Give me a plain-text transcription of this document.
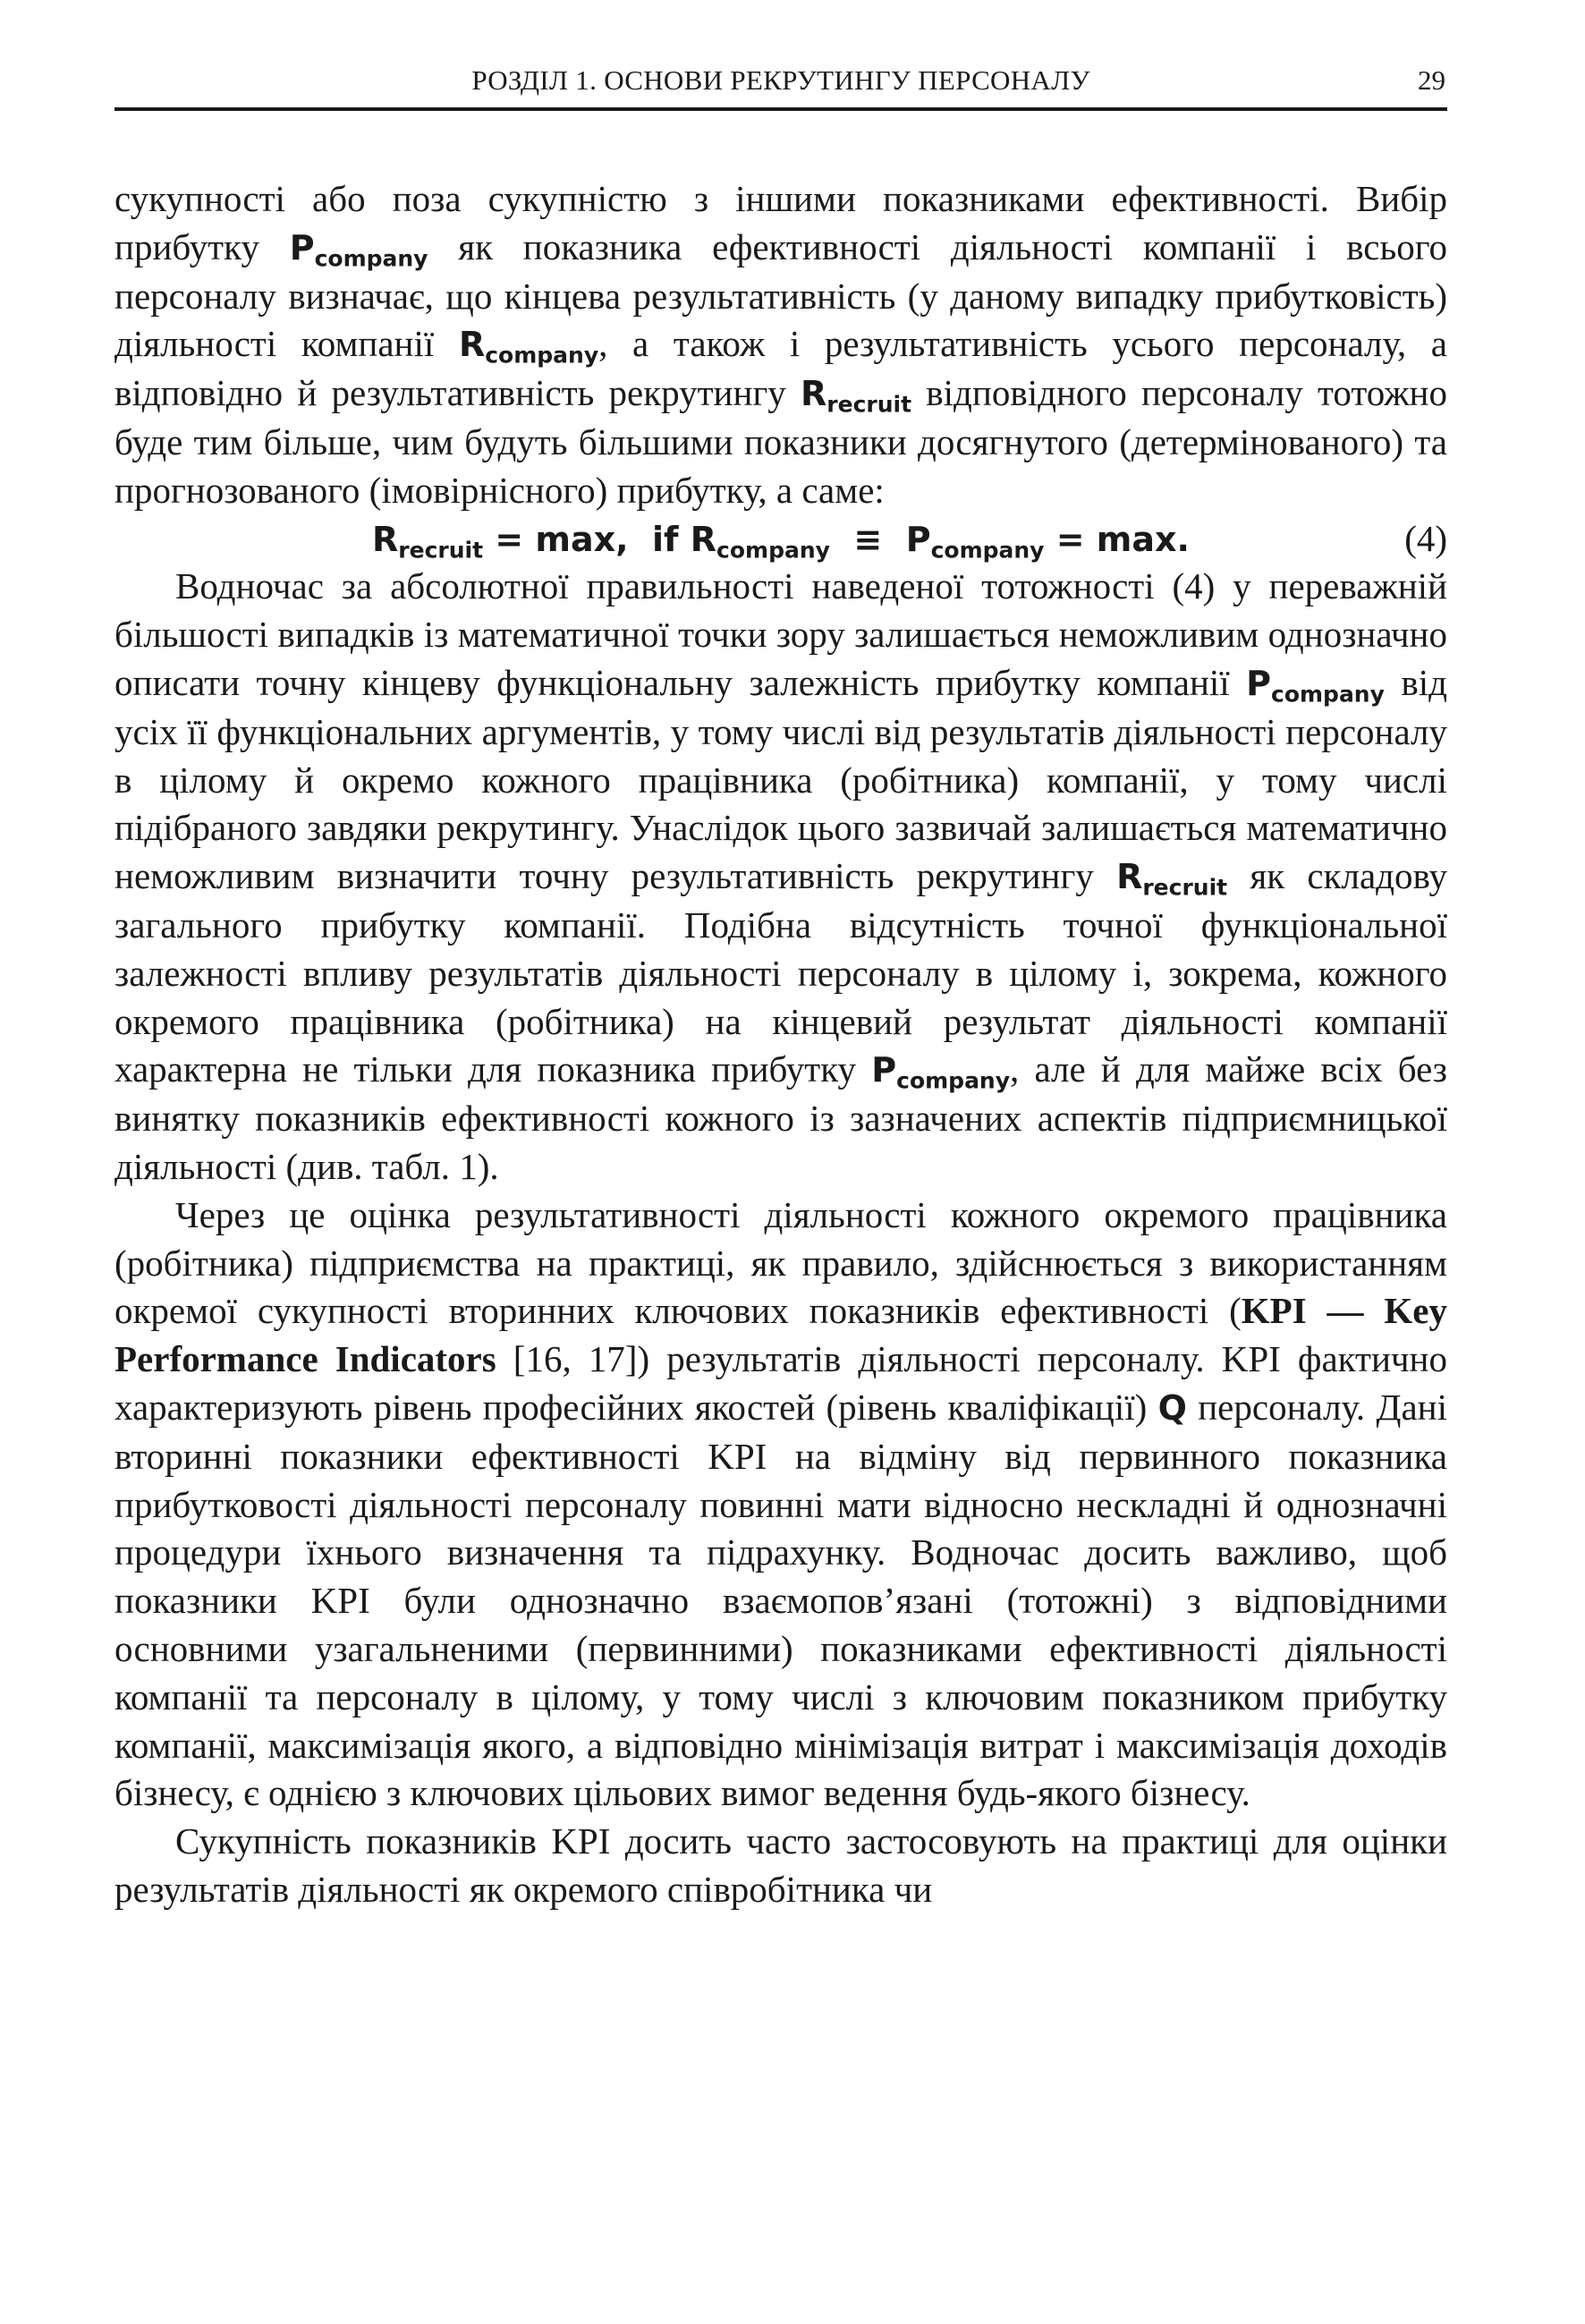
РОЗДІЛ 1. ОСНОВИ РЕКРУТИНГУ ПЕРСОНАЛУ	29

сукупності або поза сукупністю з іншими показниками ефективності. Вибір прибутку $P_{company}$ як показника ефективності діяльності компанії і всього персоналу визначає, що кінцева результативність (у даному випадку прибутковість) діяльності компанії $R_{company}$, а також і результативність усього персоналу, а відповідно й результативність рекрутингу $R_{recruit}$ відповідного персоналу тотожно буде тим більше, чим будуть більшими показники досягнутого (детермінованого) та прогнозованого (імовірнісного) прибутку, а саме:

$R_{recruit} = \max$,  if $R_{company} \equiv P_{company} = \max$.	(4)

Водночас за абсолютної правильності наведеної тотожності (4) у переважній більшості випадків із математичної точки зору залишається неможливим однозначно описати точну кінцеву функціональну залежність прибутку компанії $P_{company}$ від усіх її функціональних аргументів, у тому числі від результатів діяльності персоналу в цілому й окремо кожного працівника (робітника) компанії, у тому числі підібраного завдяки рекрутингу. Унаслідок цього зазвичай залишається математично неможливим визначити точну результативність рекрутингу $R_{recruit}$ як складову загального прибутку компанії. Подібна відсутність точної функціональної залежності впливу результатів діяльності персоналу в цілому і, зокрема, кожного окремого працівника (робітника) на кінцевий результат діяльності компанії характерна не тільки для показника прибутку $P_{company}$, але й для майже всіх без винятку показників ефективності кожного із зазначених аспектів підприємницької діяльності (див. табл. 1).

Через це оцінка результативності діяльності кожного окремого працівника (робітника) підприємства на практиці, як правило, здійснюється з використанням окремої сукупності вторинних ключових показників ефективності (KPI — Key Performance Indicators [16, 17]) результатів діяльності персоналу. KPI фактично характеризують рівень професійних якостей (рівень кваліфікації) Q персоналу. Дані вторинні показники ефективності KPI на відміну від первинного показника прибутковості діяльності персоналу повинні мати відносно нескладні й однозначні процедури їхнього визначення та підрахунку. Водночас досить важливо, щоб показники KPI були однозначно взаємопов’язані (тотожні) з відповідними основними узагальненими (первинними) показниками ефективності діяльності компанії та персоналу в цілому, у тому числі з ключовим показником прибутку компанії, максимізація якого, а відповідно мінімізація витрат і максимізація доходів бізнесу, є однією з ключових цільових вимог ведення будь-якого бізнесу.

Сукупність показників KPI досить часто застосовують на практиці для оцінки результатів діяльності як окремого співробітника чи
